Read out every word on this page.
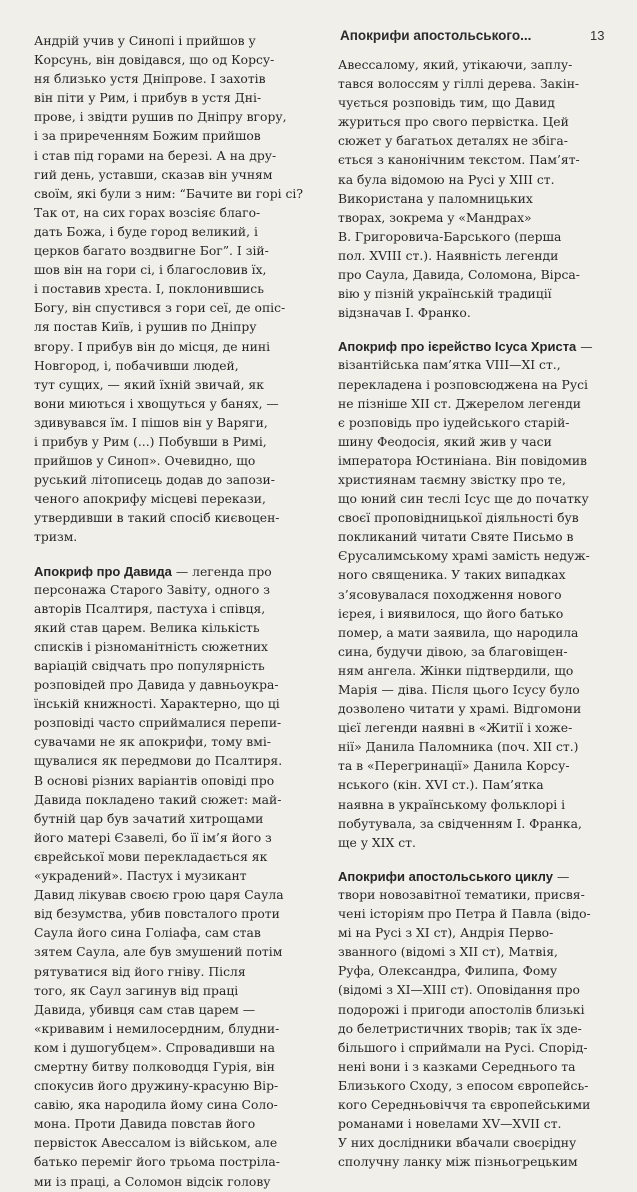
Апокрифи апостольського...	13
Андрій учив у Синопі і прийшов у
Корсунь, він довідався, що од Корсу-
ня близько устя Дніпрове. І захотів
він піти у Рим, і прибув в устя Дні-
прове, і звідти рушив по Дніпру вгору,
і за прирeченням Божим прийшов
і став під горами на березі. А на дру-
гий день, уставши, сказав він учням
своїм, які були з ним: “Бачите ви горі сі?
Так от, на сих горах возсіяє благо-
дать Божа, і буде город великий, і
церков багато воздвигне Бог”. І зій-
шов він на гори сі, і благословив їх,
і поставив хреста. І, поклонившись
Богу, він спустився з гори сеї, де опіс-
ля постав Київ, і рушив по Дніпру
вгору. І прибув він до місця, де нині
Новгород, і, побачивши людей,
тут сущих, — який їхній звичай, як
вони миються і хвощуться у банях, —
здивувався їм. І пішов він у Варяги,
і прибув у Рим (...) Побувши в Римі,
прийшов у Синоп». Очевидно, що
руський літописець додав до запози-
ченого апокрифу місцеві перекази,
утвердивши в такий спосіб києвоцен-
тризм.
Апокриф про Давида — легенда про
персонажа Старого Завіту, одного з
авторів Псалтиря, пастуха і співця,
який став царем. Велика кількість
списків і різноманітність сюжетних
варіацій свідчать про популярність
розповідей про Давида у давньоукра-
їнській книжності. Характерно, що ці
розповіді часто сприймалися перепи-
сувачами не як апокрифи, тому вмі-
щувалися як передмови до Псалтиря.
В основі різних варіантів оповіді про
Давида покладено такий сюжет: май-
бутній цар був зачатий хитрощами
його матері Єзавелі, бо її ім’я його з
єврейської мови перекладається як
«укрaдений». Пастух і музикант
Давид лікував своєю грою царя Саула
від безумства, убив повсталого проти
Саула його сина Голіафа, сам став
зятем Саула, але був змушений потім
рятуватися від його гніву. Після
того, як Саул загинув від праці
Давида, убивця сам став царем —
«кривавим і немилосердним, блудни-
ком і душогубцем». Спровадивши на
смертну битву полководця Гурія, він
спокусив його дружину-красуню Вір-
савію, яка народила йому сина Соло-
мона. Проти Давида повстав його
первісток Авессалом із військом, але
батько переміг його трьома постріла-
ми із праці, а Соломон відсік голову
Авессалому, який, утікаючи, заплу-
тався волоссям у гіллі дерева. Закін-
чується розповідь тим, що Давид
журиться про свого первістка. Цей
сюжет у багатьох деталях не збіга-
ється з канонічним текстом. Пам’ят-
ка була відомою на Русі у XIII ст.
Використана у паломницьких
творах, зокрема у «Мандрах»
В. Григоровича-Барського (перша
пол. XVIII ст.). Наявність легенди
про Саула, Давида, Соломона, Вірса-
вію у пізній українській традиції
відзначав І. Франко.
Апокриф про ієрейство Ісуса Христа —
візантійська пам’ятка VIII—XI ст.,
перекладена і розповсюджена на Русі
не пізніше XII ст. Джерелом легенди
є розповідь про іудейського старій-
шину Феодосія, який жив у часи
імператора Юстиніана. Він повідомив
християнам таємну звістку про те,
що юний син теслі Ісус ще до початку
своєї проповідницької діяльності був
покликаний читати Святе Письмо в
Єрусалимському храмі замість недуж-
ного священика. У таких випадках
з’ясовувалася походження нового
ієрея, і виявилося, що його батько
помер, а мати заявила, що народила
сина, будучи дівою, за благовіщен-
ням ангела. Жінки підтвердили, що
Марія — діва. Після цього Ісусу було
дозволено читати у храмі. Відгомони
цієї легенди наявні в «Житії і хоже-
нії» Данила Паломника (поч. XII ст.)
та в «Перегринації» Данила Корсу-
нського (кін. XVI ст.). Пам’ятка
наявна в українському фольклорі і
побутувала, за свідченням І. Франка,
ще у XIX ст.
Апокрифи апостольського циклу —
твори новозавітної тематики, присвя-
чені історіям про Петра й Павла (відо-
мі на Русі з XI ст), Андрія Перво-
званного (відомі з XII ст), Матвія,
Руфа, Олександра, Филипа, Фому
(відомі з XI—XIII ст). Оповідання про
подорожі і пригоди апостолів близькі
до белетристичних творів; так їх зде-
більшого і сприймали на Русі. Спорід-
нені вони і з казками Середнього та
Близького Сходу, з епосом європейсь-
кого Середньовіччя та європейськими
романами і новелами XV—XVII ст.
У них дослідники вбачали своєрідну
сполучну ланку між пізньогрецьким
